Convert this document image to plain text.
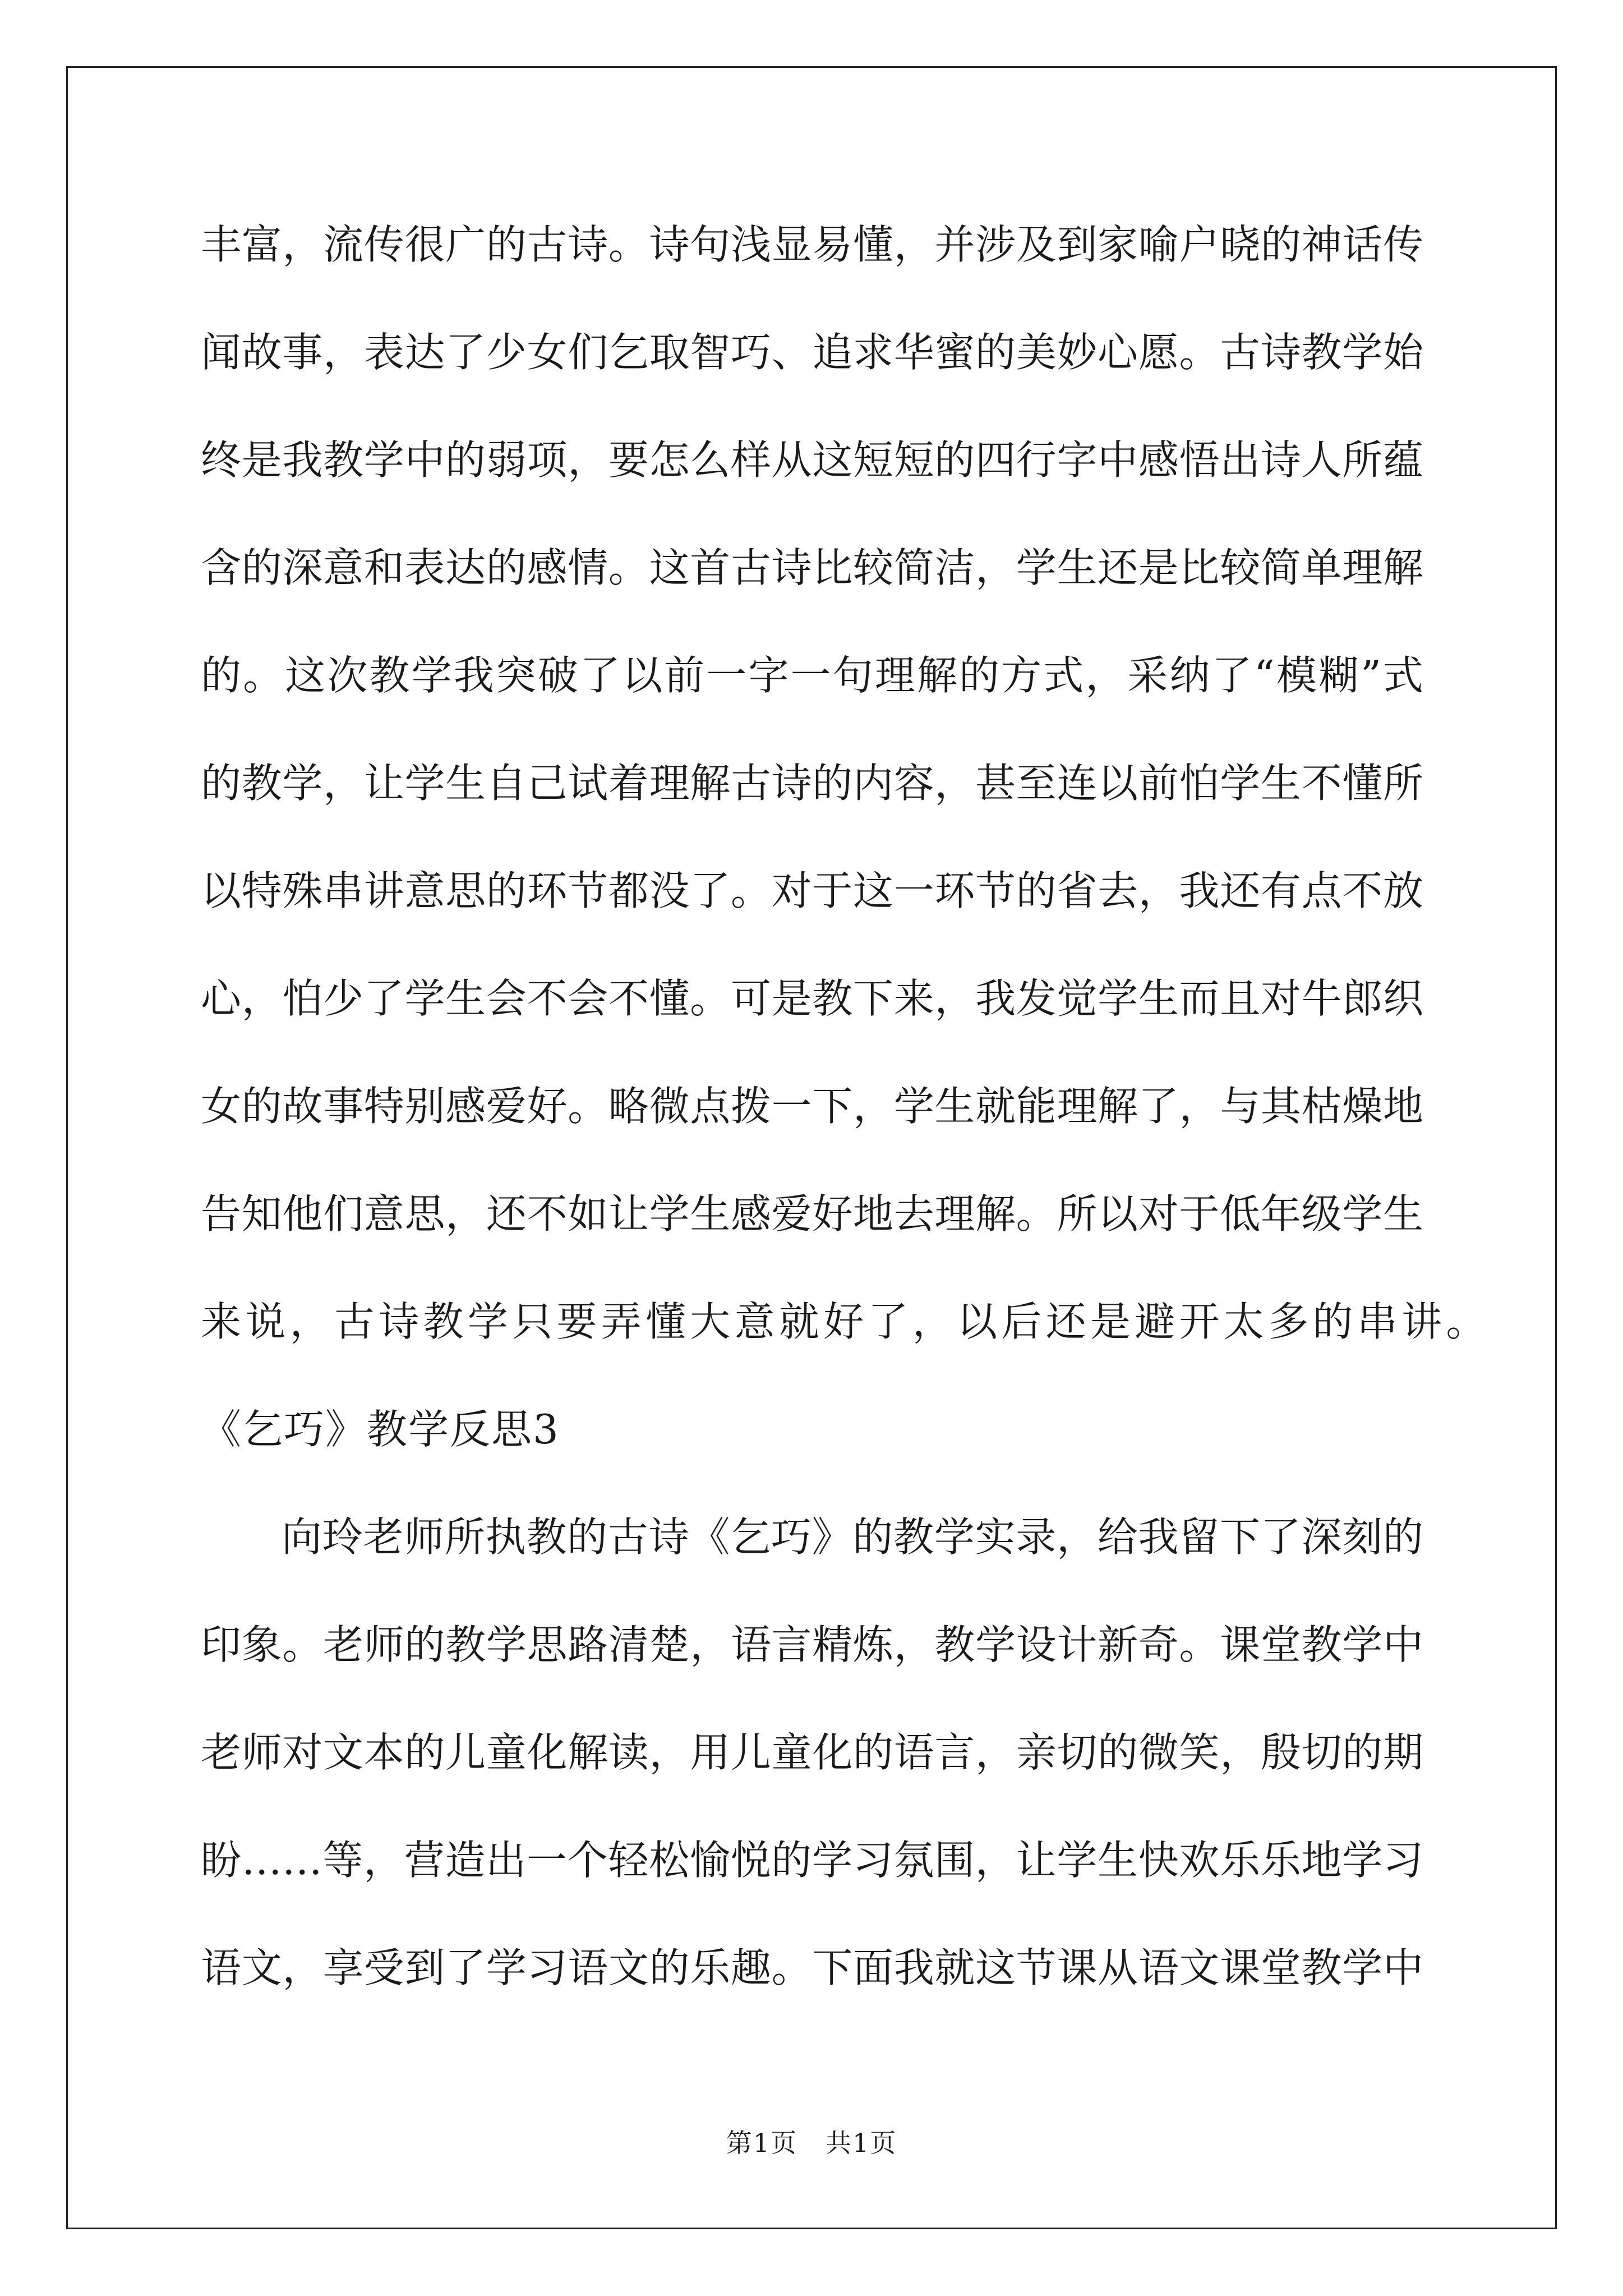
丰富，流传很广的古诗。诗句浅显易懂，并涉及到家喻户晓的神话传
闻故事，表达了少女们乞取智巧、追求华蜜的美妙心愿。古诗教学始
终是我教学中的弱项，要怎么样从这短短的四行字中感悟出诗人所蕴
含的深意和表达的感情。这首古诗比较简洁，学生还是比较简单理解
的。这次教学我突破了以前一字一句理解的方式，采纳了“模糊”式
的教学，让学生自己试着理解古诗的内容，甚至连以前怕学生不懂所
以特殊串讲意思的环节都没了。对于这一环节的省去，我还有点不放
心，怕少了学生会不会不懂。可是教下来，我发觉学生而且对牛郎织
女的故事特别感爱好。略微点拨一下，学生就能理解了，与其枯燥地
告知他们意思，还不如让学生感爱好地去理解。所以对于低年级学生
来说，古诗教学只要弄懂大意就好了，以后还是避开太多的串讲。
《乞巧》教学反思3
向玲老师所执教的古诗《乞巧》的教学实录，给我留下了深刻的
印象。老师的教学思路清楚，语言精炼，教学设计新奇。课堂教学中
老师对文本的儿童化解读，用儿童化的语言，亲切的微笑，殷切的期
盼……等，营造出一个轻松愉悦的学习氛围，让学生快欢乐乐地学习
语文，享受到了学习语文的乐趣。下面我就这节课从语文课堂教学中
第1页 共1页
